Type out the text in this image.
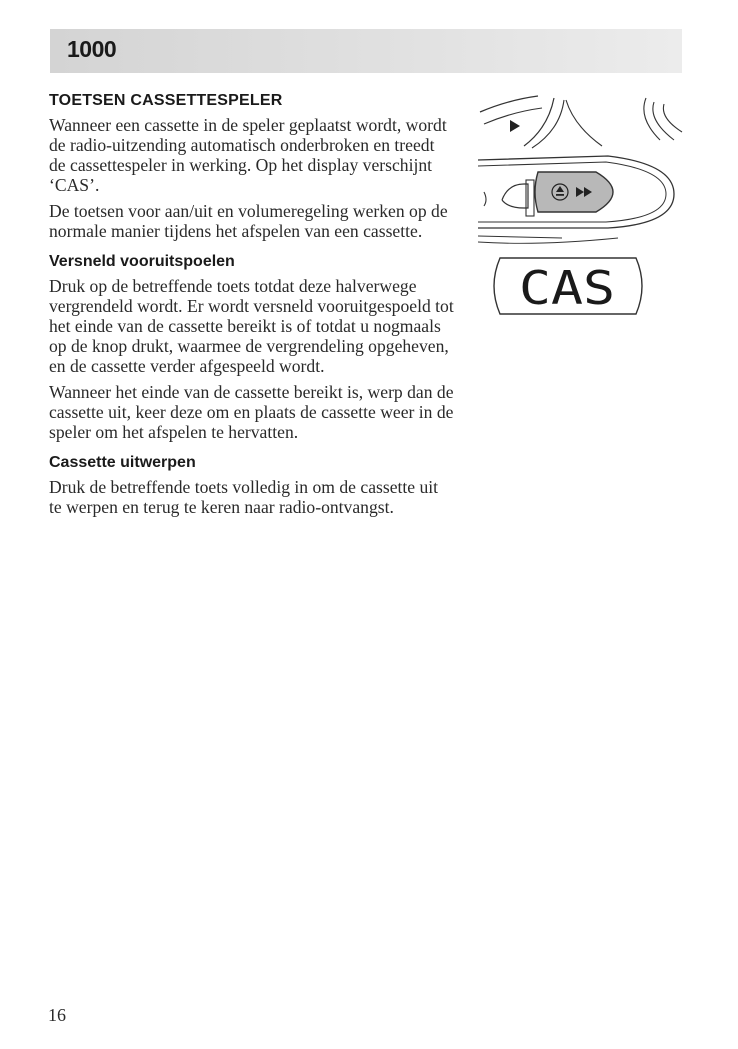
1000
TOETSEN CASSETTESPELER

Wanneer een cassette in de speler geplaatst wordt, wordt de radio-uitzending automatisch onderbroken en treedt de cassettespeler in werking. Op het display verschijnt ‘CAS’.

De toetsen voor aan/uit en volumeregeling werken op de normale manier tijdens het afspelen van een cassette.

Versneld vooruitspoelen

Druk op de betreffende toets totdat deze halverwege vergrendeld wordt. Er wordt versneld vooruitgespoeld tot het einde van de cassette bereikt is of totdat u nogmaals op de knop drukt, waarmee de vergrendeling opgeheven, en de cassette verder afgespeeld wordt.

Wanneer het einde van de cassette bereikt is, werp dan de cassette uit, keer deze om en plaats de cassette weer in de speler om het afspelen te hervatten.

Cassette uitwerpen

Druk de betreffende toets volledig in om de cassette uit te werpen en terug te keren naar radio-ontvangst.

CAS
16
